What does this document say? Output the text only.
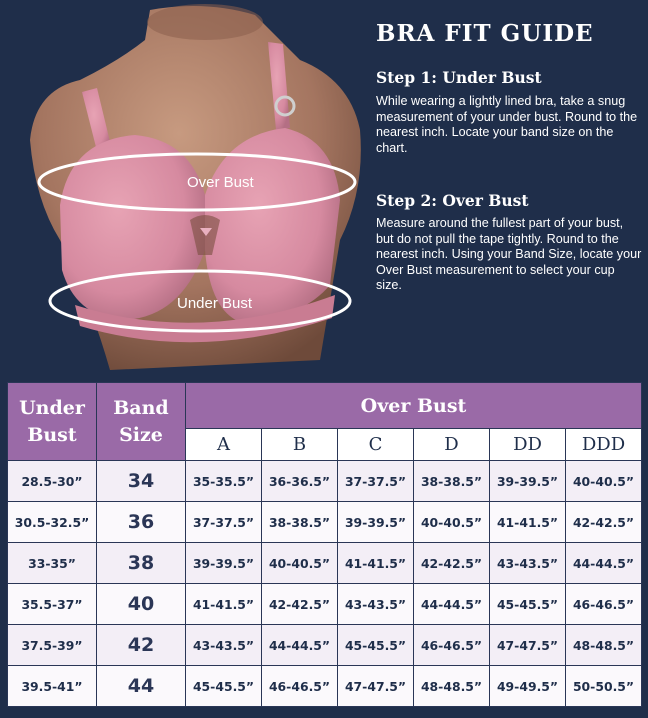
Over Bust
Under Bust
BRA FIT GUIDE
Step 1: Under Bust
While wearing a lightly lined bra, take a snug measurement of your under bust. Round to the nearest inch. Locate your band size on the chart.
Step 2: Over Bust
Measure around the fullest part of your bust, but do not pull the tape tightly. Round to the nearest inch. Using your Band Size, locate your Over Bust measurement to select your cup size.
Under Bust	Band Size	Over Bust					
		A	B	C	D	DD	DDD
28.5-30”	34	35-35.5”	36-36.5”	37-37.5”	38-38.5”	39-39.5”	40-40.5”
30.5-32.5”	36	37-37.5”	38-38.5”	39-39.5”	40-40.5”	41-41.5”	42-42.5”
33-35”	38	39-39.5”	40-40.5”	41-41.5”	42-42.5”	43-43.5”	44-44.5”
35.5-37”	40	41-41.5”	42-42.5”	43-43.5”	44-44.5”	45-45.5”	46-46.5”
37.5-39”	42	43-43.5”	44-44.5”	45-45.5”	46-46.5”	47-47.5”	48-48.5”
39.5-41”	44	45-45.5”	46-46.5”	47-47.5”	48-48.5”	49-49.5”	50-50.5”
